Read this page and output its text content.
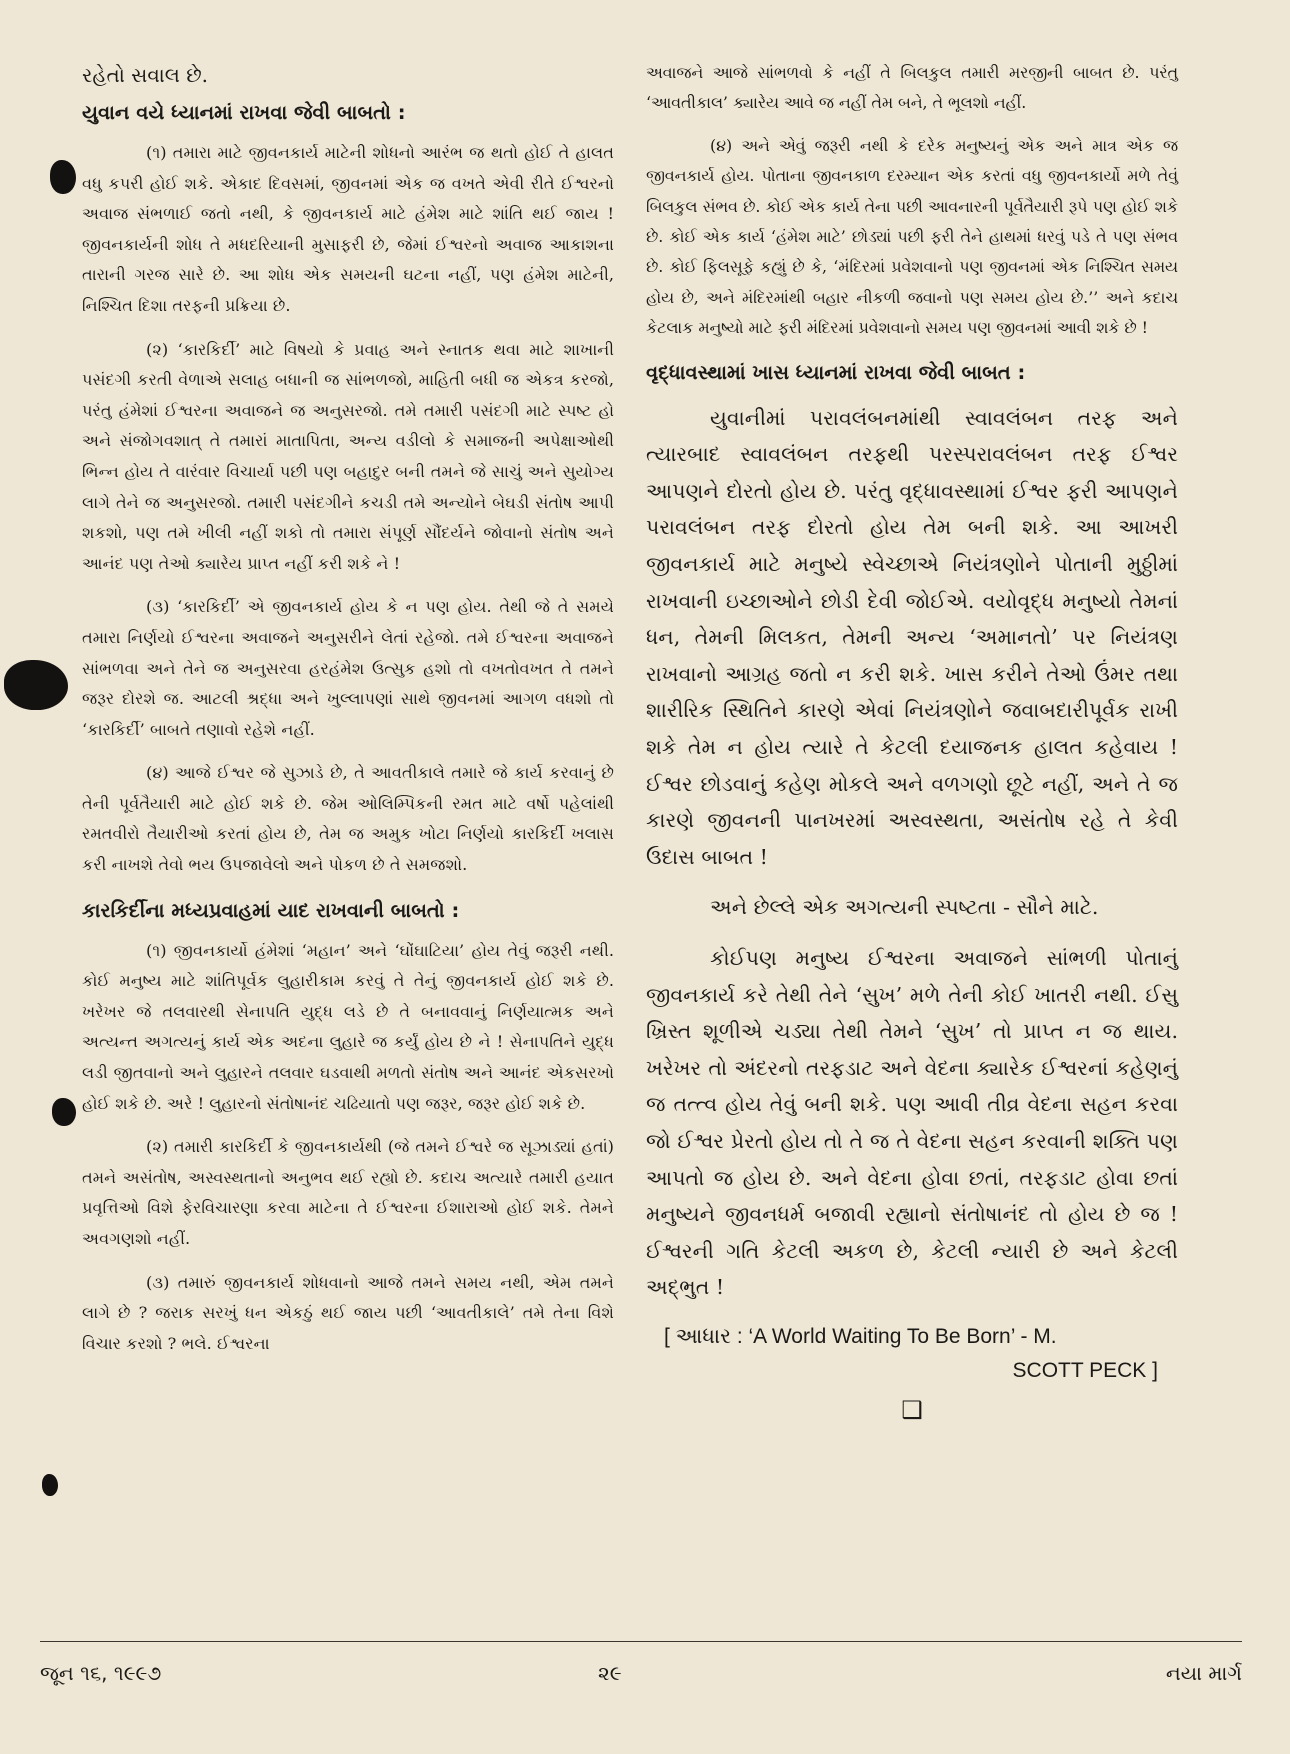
રહેતો સવાલ છે.
યુવાન વયે ધ્યાનમાં રાખવા જેવી બાબતો :

(૧) તમારા માટે જીવનકાર્ય માટેની શોધનો આરંભ જ થતો હોઈ તે હાલત વધુ કપરી હોઈ શકે. એકાદ દિવસમાં, જીવનમાં એક જ વખતે એવી રીતે ઈશ્વરનો અવાજ સંભળાઈ જતો નથી, કે જીવનકાર્ય માટે હંમેશ માટે શાંતિ થઈ જાય ! જીવનકાર્યની શોધ તે મધદરિયાની મુસાફરી છે, જેમાં ઈશ્વરનો અવાજ આકાશના તારાની ગરજ સારે છે. આ શોધ એક સમયની ઘટના નહીં, પણ હંમેશ માટેની, નિશ્ચિત દિશા તરફની પ્રક્રિયા છે.

(૨) ‘કારકિર્દી’ માટે વિષયો કે પ્રવાહ અને સ્નાતક થવા માટે શાખાની પસંદગી કરતી વેળાએ સલાહ બધાની જ સાંભળજો, માહિતી બધી જ એકત્ર કરજો, પરંતુ હંમેશાં ઈશ્વરના અવાજને જ અનુસરજો. તમે તમારી પસંદગી માટે સ્પષ્ટ હો અને સંજોગવશાત્ તે તમારાં માતાપિતા, અન્ય વડીલો કે સમાજની અપેક્ષાઓથી ભિન્ન હોય તે વારંવાર વિચાર્યા પછી પણ બહાદુર બની તમને જે સાચું અને સુયોગ્ય લાગે તેને જ અનુસરજો. તમારી પસંદગીને કચડી તમે અન્યોને બેઘડી સંતોષ આપી શકશો, પણ તમે ખીલી નહીં શકો તો તમારા સંપૂર્ણ સૌંદર્યને જોવાનો સંતોષ અને આનંદ પણ તેઓ ક્યારેય પ્રાપ્ત નહીં કરી શકે ને !

(૩) ‘કારકિર્દી’ એ જીવનકાર્ય હોય કે ન પણ હોય. તેથી જે તે સમયે તમારા નિર્ણયો ઈશ્વરના અવાજને અનુસરીને લેતાં રહેજો. તમે ઈશ્વરના અવાજને સાંભળવા અને તેને જ અનુસરવા હરહંમેશ ઉત્સુક હશો તો વખતોવખત તે તમને જરૂર દોરશે જ. આટલી શ્રદ્ધા અને ખુલ્લાપણાં સાથે જીવનમાં આગળ વધશો તો ‘કારકિર્દી’ બાબતે તણાવો રહેશે નહીં.

(૪) આજે ઈશ્વર જે સુઝાડે છે, તે આવતીકાલે તમારે જે કાર્ય કરવાનું છે તેની પૂર્વતૈયારી માટે હોઈ શકે છે. જેમ ઓલિમ્પિકની રમત માટે વર્ષો પહેલાંથી રમતવીરો તૈયારીઓ કરતાં હોય છે, તેમ જ અમુક ખોટા નિર્ણયો કારકિર્દી ખલાસ કરી નાખશે તેવો ભય ઉપજાવેલો અને પોકળ છે તે સમજશો.

કારકિર્દીના મધ્યપ્રવાહમાં યાદ રાખવાની બાબતો :

(૧) જીવનકાર્યો હંમેશાં ‘મહાન’ અને ‘ઘોંઘાટિયા’ હોય તેવું જરૂરી નથી. કોઈ મનુષ્ય માટે શાંતિપૂર્વક લુહારીકામ કરવું તે તેનું જીવનકાર્ય હોઈ શકે છે. ખરેખર જે તલવારથી સેનાપતિ યુદ્ધ લડે છે તે બનાવવાનું નિર્ણયાત્મક અને અત્યન્ત અગત્યનું કાર્ય એક અદના લુહારે જ કર્યું હોય છે ને ! સેનાપતિને યુદ્ધ લડી જીતવાનો અને લુહારને તલવાર ઘડવાથી મળતો સંતોષ અને આનંદ એકસરખો હોઈ શકે છે. અરે ! લુહારનો સંતોષાનંદ ચઢિયાતો પણ જરૂર, જરૂર હોઈ શકે છે.

(૨) તમારી કારકિર્દી કે જીવનકાર્યથી (જે તમને ઈશ્વરે જ સૂઝાડ્યાં હતાં) તમને અસંતોષ, અસ્વસ્થતાનો અનુભવ થઈ રહ્યો છે. કદાચ અત્યારે તમારી હયાત પ્રવૃત્તિઓ વિશે ફેરવિચારણા કરવા માટેના તે ઈશ્વરના ઈશારાઓ હોઈ શકે. તેમને અવગણશો નહીં.

(૩) તમારું જીવનકાર્ય શોધવાનો આજે તમને સમય નથી, એમ તમને લાગે છે ? જરાક સરખું ધન એકઠું થઈ જાય પછી ‘આવતીકાલે’ તમે તેના વિશે વિચાર કરશો ? ભલે. ઈશ્વરના

અવાજને આજે સાંભળવો કે નહીં તે બિલકુલ તમારી મરજીની બાબત છે. પરંતુ ‘આવતીકાલ’ ક્યારેય આવે જ નહીં તેમ બને, તે ભૂલશો નહીં.

(૪) અને એવું જરૂરી નથી કે દરેક મનુષ્યનું એક અને માત્ર એક જ જીવનકાર્ય હોય. પોતાના જીવનકાળ દરમ્યાન એક કરતાં વધુ જીવનકાર્યો મળે તેવું બિલકુલ સંભવ છે. કોઈ એક કાર્ય તેના પછી આવનારની પૂર્વતૈયારી રૂપે પણ હોઈ શકે છે. કોઈ એક કાર્ય ‘હંમેશ માટે’ છોડ્યાં પછી ફરી તેને હાથમાં ધરવું પડે તે પણ સંભવ છે. કોઈ ફિલસૂફે કહ્યું છે કે, ‘મંદિરમાં પ્રવેશવાનો પણ જીવનમાં એક નિશ્ચિત સમય હોય છે, અને મંદિરમાંથી બહાર નીકળી જવાનો પણ સમય હોય છે.’’ અને કદાચ કેટલાક મનુષ્યો માટે ફરી મંદિરમાં પ્રવેશવાનો સમય પણ જીવનમાં આવી શકે છે !

વૃદ્ધાવસ્થામાં ખાસ ધ્યાનમાં રાખવા જેવી બાબત :

યુવાનીમાં પરાવલંબનમાંથી સ્વાવલંબન તરફ અને ત્યારબાદ સ્વાવલંબન તરફથી પરસ્પરાવલંબન તરફ ઈશ્વર આપણને દોરતો હોય છે. પરંતુ વૃદ્ધાવસ્થામાં ઈશ્વર ફરી આપણને પરાવલંબન તરફ દોરતો હોય તેમ બની શકે. આ આખરી જીવનકાર્ય માટે મનુષ્યે સ્વેચ્છાએ નિયંત્રણોને પોતાની મુઠ્ઠીમાં રાખવાની ઇચ્છાઓને છોડી દેવી જોઈએ. વયોવૃદ્ધ મનુષ્યો તેમનાં ધન, તેમની મિલકત, તેમની અન્ય ‘અમાનતો’ પર નિયંત્રણ રાખવાનો આગ્રહ જતો ન કરી શકે. ખાસ કરીને તેઓ ઉંમર તથા શારીરિક સ્થિતિને કારણે એવાં નિયંત્રણોને જવાબદારીપૂર્વક રાખી શકે તેમ ન હોય ત્યારે તે કેટલી દયાજનક હાલત કહેવાય ! ઈશ્વર છોડવાનું કહેણ મોકલે અને વળગણો છૂટે નહીં, અને તે જ કારણે જીવનની પાનખરમાં અસ્વસ્થતા, અસંતોષ રહે તે કેવી ઉદાસ બાબત !

અને છેલ્લે એક અગત્યની સ્પષ્ટતા - સૌને માટે.

કોઈપણ મનુષ્ય ઈશ્વરના અવાજને સાંભળી પોતાનું જીવનકાર્ય કરે તેથી તેને ‘સુખ’ મળે તેની કોઈ ખાતરી નથી. ઈસુ ખ્રિસ્ત શૂળીએ ચડ્યા તેથી તેમને ‘સુખ’ તો પ્રાપ્ત ન જ થાય. ખરેખર તો અંદરનો તરફડાટ અને વેદના ક્યારેક ઈશ્વરનાં કહેણનું જ તત્ત્વ હોય તેવું બની શકે. પણ આવી તીવ્ર વેદના સહન કરવા જો ઈશ્વર પ્રેરતો હોય તો તે જ તે વેદના સહન કરવાની શક્તિ પણ આપતો જ હોય છે. અને વેદના હોવા છતાં, તરફડાટ હોવા છતાં મનુષ્યને જીવનધર્મ બજાવી રહ્યાનો સંતોષાનંદ તો હોય છે જ ! ઈશ્વરની ગતિ કેટલી અકળ છે, કેટલી ન્યારી છે અને કેટલી અદ્ભુત !

[ આધાર : ‘A World Waiting To Be Born’ - M.
SCOTT PECK ]
❑
જૂન ૧૬, ૧૯૯૭	૨૯	નયા માર્ગ
